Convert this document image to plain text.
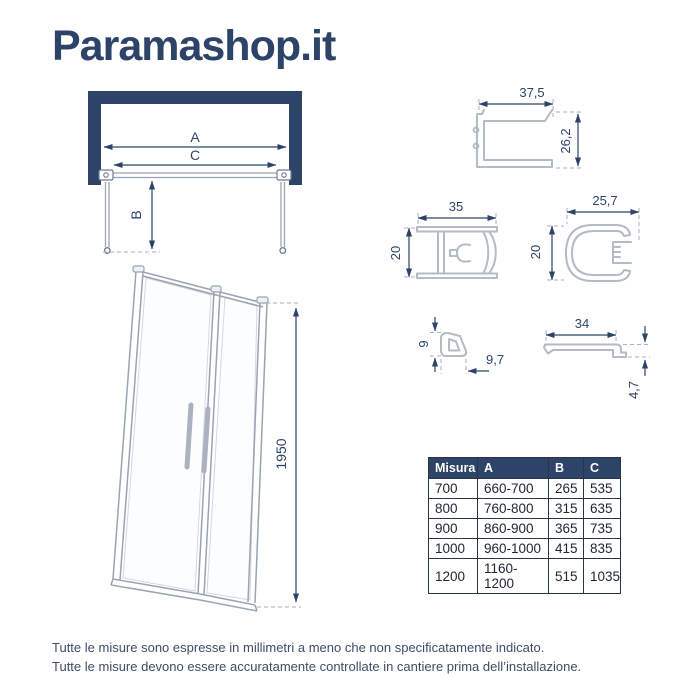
Paramashop.it
A
C
B
1950
37,5
26,2
35
20
25,7
20
9
9,7
34
4,7
Misura	A	B	C
700	660-700	265	535
800	760-800	315	635
900	860-900	365	735
1000	960-1000	415	835
1200	1160-1200	515	1035

Tutte le misure sono espresse in millimetri a meno che non specificatamente indicato.

Tutte le misure devono essere accuratamente controllate in cantiere prima dell’installazione.
